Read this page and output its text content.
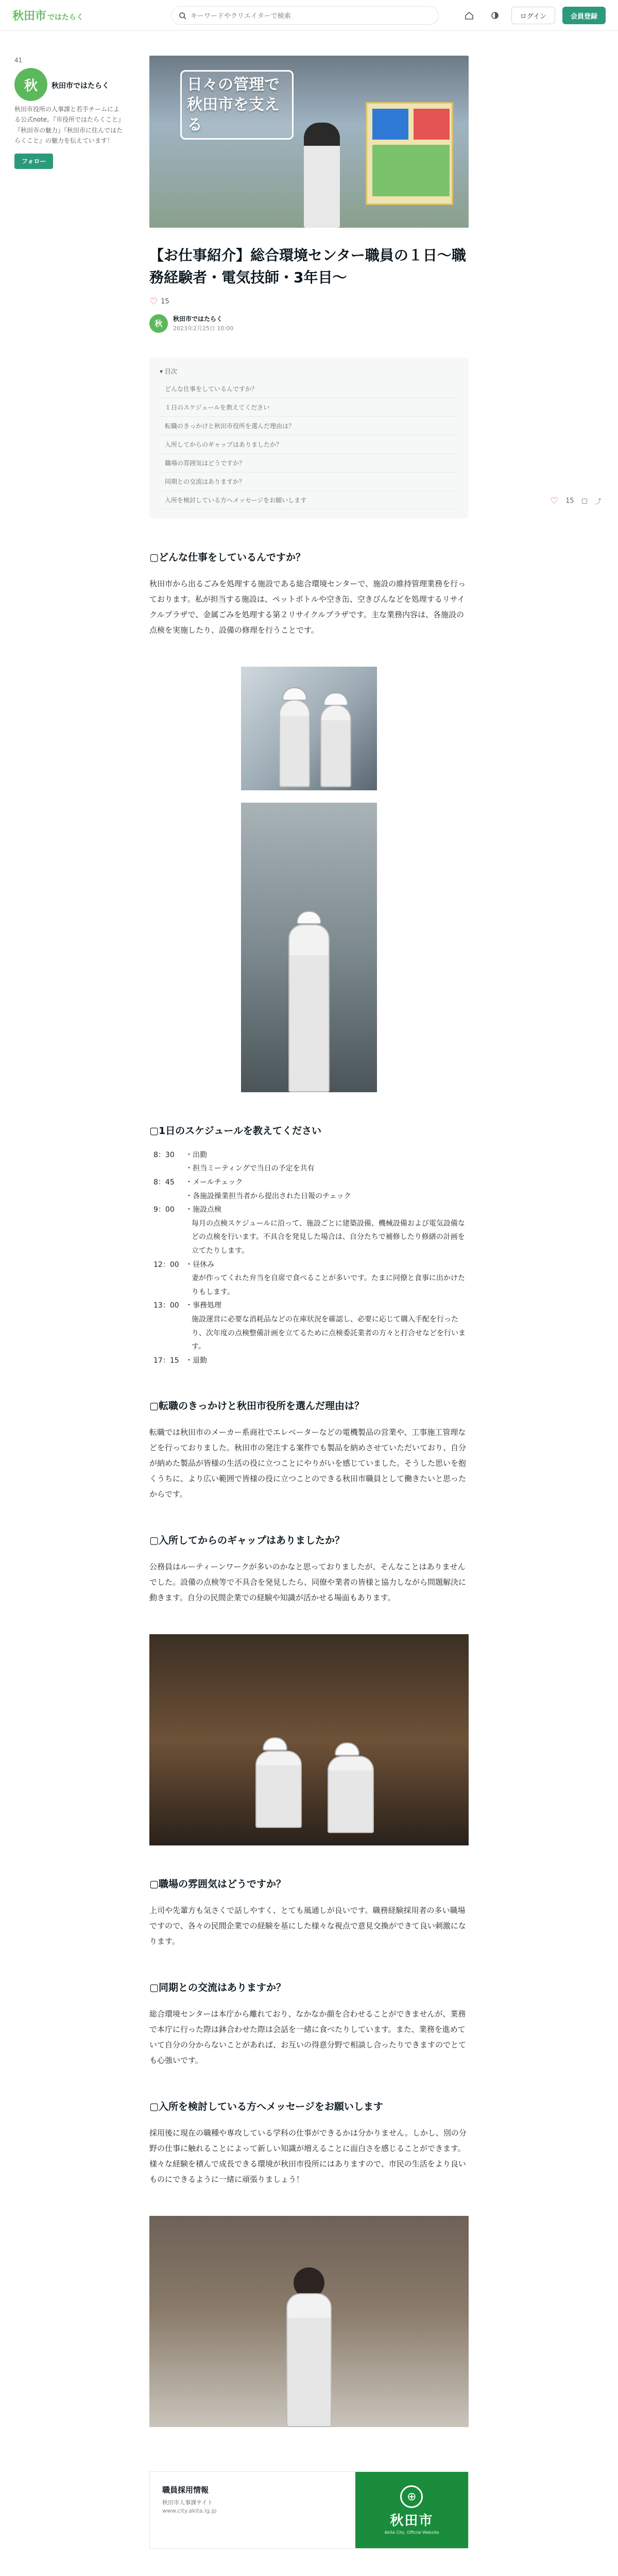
秋田市 ではたらく
キーワードやクリエイターで検索	ログイン	会員登録
41
秋	秋田市ではたらく
秋田市役所の人事課と若手チームによる公式note。『市役所ではたらくこと』『秋田市の魅力』『秋田市に住んではたらくこと』の魅力を伝えています！
フォロー
日々の管理で秋田市を支える
【お仕事紹介】総合環境センター職員の１日～職務経験者・電気技師・3年目～
♡ 15
秋	秋田市ではたらく
2023年2月25日 10:00
▾ 目次
どんな仕事をしているんですか？
１日のスケジュールを教えてください
転職のきっかけと秋田市役所を選んだ理由は？
入所してからのギャップはありましたか？
職場の雰囲気はどうですか？
同期との交流はありますか？
入所を検討している方へメッセージをお願いします
▢どんな仕事をしているんですか？

秋田市から出るごみを処理する施設である総合環境センターで、施設の維持管理業務を行っております。私が担当する施設は、ペットボトルや空き缶、空きびんなどを処理するリサイクルプラザで、金属ごみを処理する第２リサイクルプラザです。主な業務内容は、各施設の点検を実施したり、設備の修理を行うことです。

▢1日のスケジュールを教えてください
8：30	・出勤
・担当ミーティングで当日の予定を共有
8：45	・メールチェック
・各施設操業担当者から提出された日報のチェック
9：00	・施設点検
毎月の点検スケジュールに沿って、施設ごとに建築設備、機械設備および電気設備などの点検を行います。不具合を発見した場合は、自分たちで補修したり修繕の計画を立てたりします。
12：00 ・昼休み
妻が作ってくれた弁当を自席で食べることが多いです。たまに同僚と食事に出かけたりもします。
13：00 ・事務処理
施設運営に必要な消耗品などの在庫状況を確認し、必要に応じて購入手配を行ったり、次年度の点検整備計画を立てるために点検委託業者の方々と打合せなどを行います。
17：15 ・退勤
▢転職のきっかけと秋田市役所を選んだ理由は？

転職では秋田市のメーカー系商社でエレベーターなどの電機製品の営業や、工事施工管理などを行っておりました。秋田市の発注する案件でも製品を納めさせていただいており、自分が納めた製品が皆様の生活の役に立つことにやりがいを感じていました。そうした思いを抱くうちに、より広い範囲で皆様の役に立つことのできる秋田市職員として働きたいと思ったからです。

▢入所してからのギャップはありましたか？

公務員はルーティーンワークが多いのかなと思っておりましたが、そんなことはありませんでした。設備の点検等で不具合を発見したら、同僚や業者の皆様と協力しながら問題解決に動きます。自分の民間企業での経験や知識が活かせる場面もあります。

▢職場の雰囲気はどうですか？

上司や先輩方も気さくで話しやすく、とても風通しが良いです。職務経験採用者の多い職場ですので、各々の民間企業での経験を基にした様々な視点で意見交換ができて良い刺激になります。

▢同期との交流はありますか？

総合環境センターは本庁から離れており、なかなか顔を合わせることができませんが、業務で本庁に行った際は鉢合わせた際は会話を一緒に食べたりしています。また、業務を進めていて自分の分からないことがあれば、お互いの得意分野で相談し合ったりできますのでとても心強いです。

▢入所を検討している方へメッセージをお願いします

採用後に現在の職種や専攻している学科の仕事ができるかは分かりません。しかし、別の分野の仕事に触れることによって新しい知識が増えることに面白さを感じることができます。様々な経験を積んで成長できる環境が秋田市役所にはありますので、市民の生活をより良いものにできるように一緒に頑張りましょう！

職員採用情報
秋田市人事課サイト
www.city.akita.lg.jp
⊕
秋田市
Akita City, Official Website
♡ 15 ▢ ⤴
